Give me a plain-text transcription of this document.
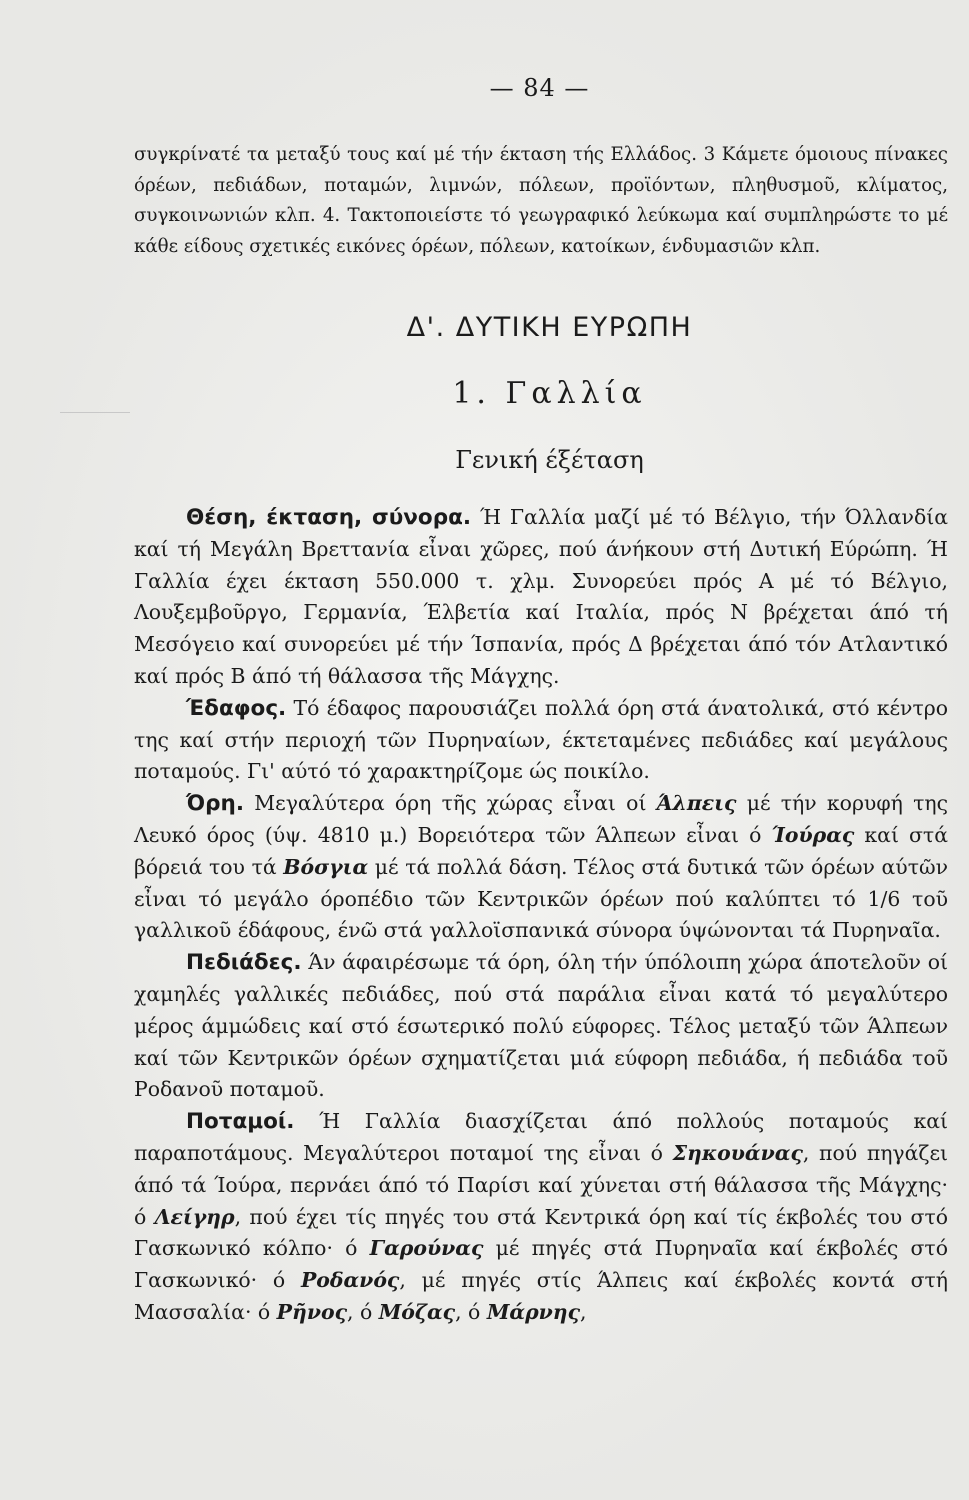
— 84 —

συγκρίνατέ τα μεταξύ τους καί μέ τήν έκταση τής Ελλάδος. 3 Κάμετε όμοιους πίνακες όρέων, πεδιάδων, ποταμών, λιμνών, πόλεων, προϊόντων, πληθυσμοῦ, κλίματος, συγκοινωνιών κλπ. 4. Τακτοποιείστε τό γεωγραφικό λεύκωμα καί συμπληρώστε το μέ κάθε είδους σχετικές εικόνες όρέων, πόλεων, κατοίκων, ένδυμασιῶν κλπ.

Δ'. ΔΥΤΙΚΗ ΕΥΡΩΠΗ
1. Γαλλία
Γενική έξέταση

Θέση, έκταση, σύνορα. Ή Γαλλία μαζί μέ τό Βέλγιο, τήν Όλλανδία καί τή Μεγάλη Βρεττανία εἶναι χῶρες, πού άνήκουν στή Δυτική Εύρώπη. Ή Γαλλία έχει έκταση 550.000 τ. χλμ. Συνορεύει πρός Α μέ τό Βέλγιο, Λουξεμβοῦργο, Γερμανία, Έλβετία καί Ιταλία, πρός Ν βρέχεται άπό τή Μεσόγειο καί συνορεύει μέ τήν Ίσπανία, πρός Δ βρέχεται άπό τόν Ατλαντικό καί πρός Β άπό τή θάλασσα τῆς Μάγχης.

Έδαφος. Τό έδαφος παρουσιάζει πολλά όρη στά άνατολικά, στό κέντρο της καί στήν περιοχή τῶν Πυρηναίων, έκτεταμένες πεδιάδες καί μεγάλους ποταμούς. Γι' αύτό τό χαρακτηρίζομε ώς ποικίλο.

Όρη. Μεγαλύτερα όρη τῆς χώρας εἶναι οί Άλπεις μέ τήν κορυφή της Λευκό όρος (ύψ. 4810 μ.) Βορειότερα τῶν Άλπεων εἶναι ό Ίούρας καί στά βόρειά του τά Βόσγια μέ τά πολλά δάση. Τέλος στά δυτικά τῶν όρέων αύτῶν εἶναι τό μεγάλο όροπέδιο τῶν Κεντρικῶν όρέων πού καλύπτει τό 1/6 τοῦ γαλλικοῦ έδάφους, ένῶ στά γαλλοϊσπανικά σύνορα ύψώνονται τά Πυρηναῖα.

Πεδιάδες. Άν άφαιρέσωμε τά όρη, όλη τήν ύπόλοιπη χώρα άποτελοῦν οί χαμηλές γαλλικές πεδιάδες, πού στά παράλια εἶναι κατά τό μεγαλύτερο μέρος άμμώδεις καί στό έσωτερικό πολύ εύφορες. Τέλος μεταξύ τῶν Άλπεων καί τῶν Κεντρικῶν όρέων σχηματίζεται μιά εύφορη πεδιάδα, ή πεδιάδα τοῦ Ροδανοῦ ποταμοῦ.

Ποταμοί. Ή Γαλλία διασχίζεται άπό πολλούς ποταμούς καί παραποτάμους. Μεγαλύτεροι ποταμοί της εἶναι ό Σηκουάνας, πού πηγάζει άπό τά Ίούρα, περνάει άπό τό Παρίσι καί χύνεται στή θάλασσα τῆς Μάγχης· ό Λείγηρ, πού έχει τίς πηγές του στά Κεντρικά όρη καί τίς έκβολές του στό Γασκωνικό κόλπο· ό Γαρούνας μέ πηγές στά Πυρηναῖα καί έκβολές στό Γασκωνικό· ό Ροδανός, μέ πηγές στίς Άλπεις καί έκβολές κοντά στή Μασσαλία· ό Ρῆνος, ό Μόζας, ό Μάρνης,
